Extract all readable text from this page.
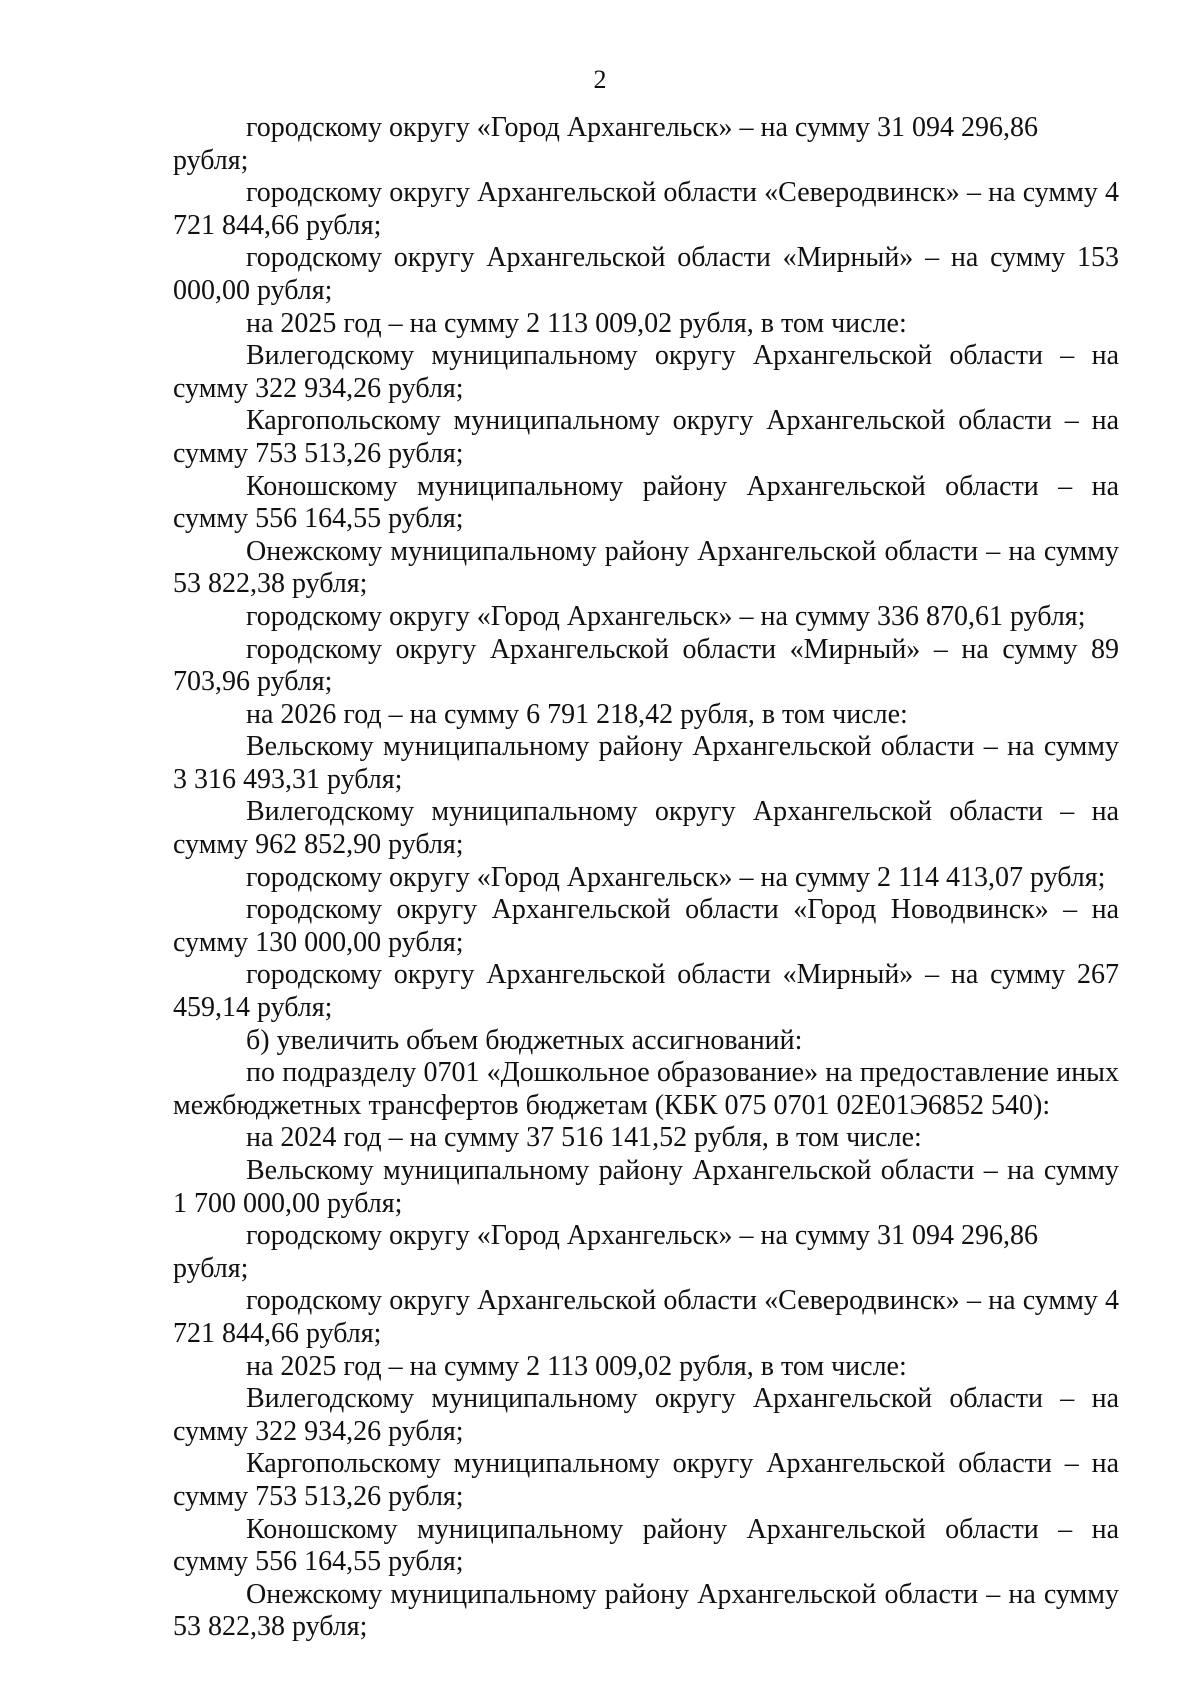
2

городскому округу «Город Архангельск» – на сумму 31 094 296,86 рубля;

городскому округу Архангельской области «Северодвинск» – на сумму 4 721 844,66 рубля;

городскому округу Архангельской области «Мирный» – на сумму 153 000,00 рубля;

на 2025 год – на сумму 2 113 009,02 рубля, в том числе:

Вилегодскому муниципальному округу Архангельской области – на сумму 322 934,26 рубля;

Каргопольскому муниципальному округу Архангельской области – на сумму 753 513,26 рубля;

Коношскому муниципальному району Архангельской области – на сумму 556 164,55 рубля;

Онежскому муниципальному району Архангельской области – на сумму 53 822,38 рубля;

городскому округу «Город Архангельск» – на сумму 336 870,61 рубля;

городскому округу Архангельской области «Мирный» – на сумму 89 703,96 рубля;

на 2026 год – на сумму 6 791 218,42 рубля, в том числе:

Вельскому муниципальному району Архангельской области – на сумму 3 316 493,31 рубля;

Вилегодскому муниципальному округу Архангельской области – на сумму 962 852,90 рубля;

городскому округу «Город Архангельск» – на сумму 2 114 413,07 рубля;

городскому округу Архангельской области «Город Новодвинск» – на сумму 130 000,00 рубля;

городскому округу Архангельской области «Мирный» – на сумму 267 459,14 рубля;

б) увеличить объем бюджетных ассигнований:

по подразделу 0701 «Дошкольное образование» на предоставление иных межбюджетных трансфертов бюджетам (КБК 075 0701 02Е01Э6852 540):

на 2024 год – на сумму 37 516 141,52 рубля, в том числе:

Вельскому муниципальному району Архангельской области – на сумму 1 700 000,00 рубля;

городскому округу «Город Архангельск» – на сумму 31 094 296,86 рубля;

городскому округу Архангельской области «Северодвинск» – на сумму 4 721 844,66 рубля;

на 2025 год – на сумму 2 113 009,02 рубля, в том числе:

Вилегодскому муниципальному округу Архангельской области – на сумму 322 934,26 рубля;

Каргопольскому муниципальному округу Архангельской области – на сумму 753 513,26 рубля;

Коношскому муниципальному району Архангельской области – на сумму 556 164,55 рубля;

Онежскому муниципальному району Архангельской области – на сумму 53 822,38 рубля;
